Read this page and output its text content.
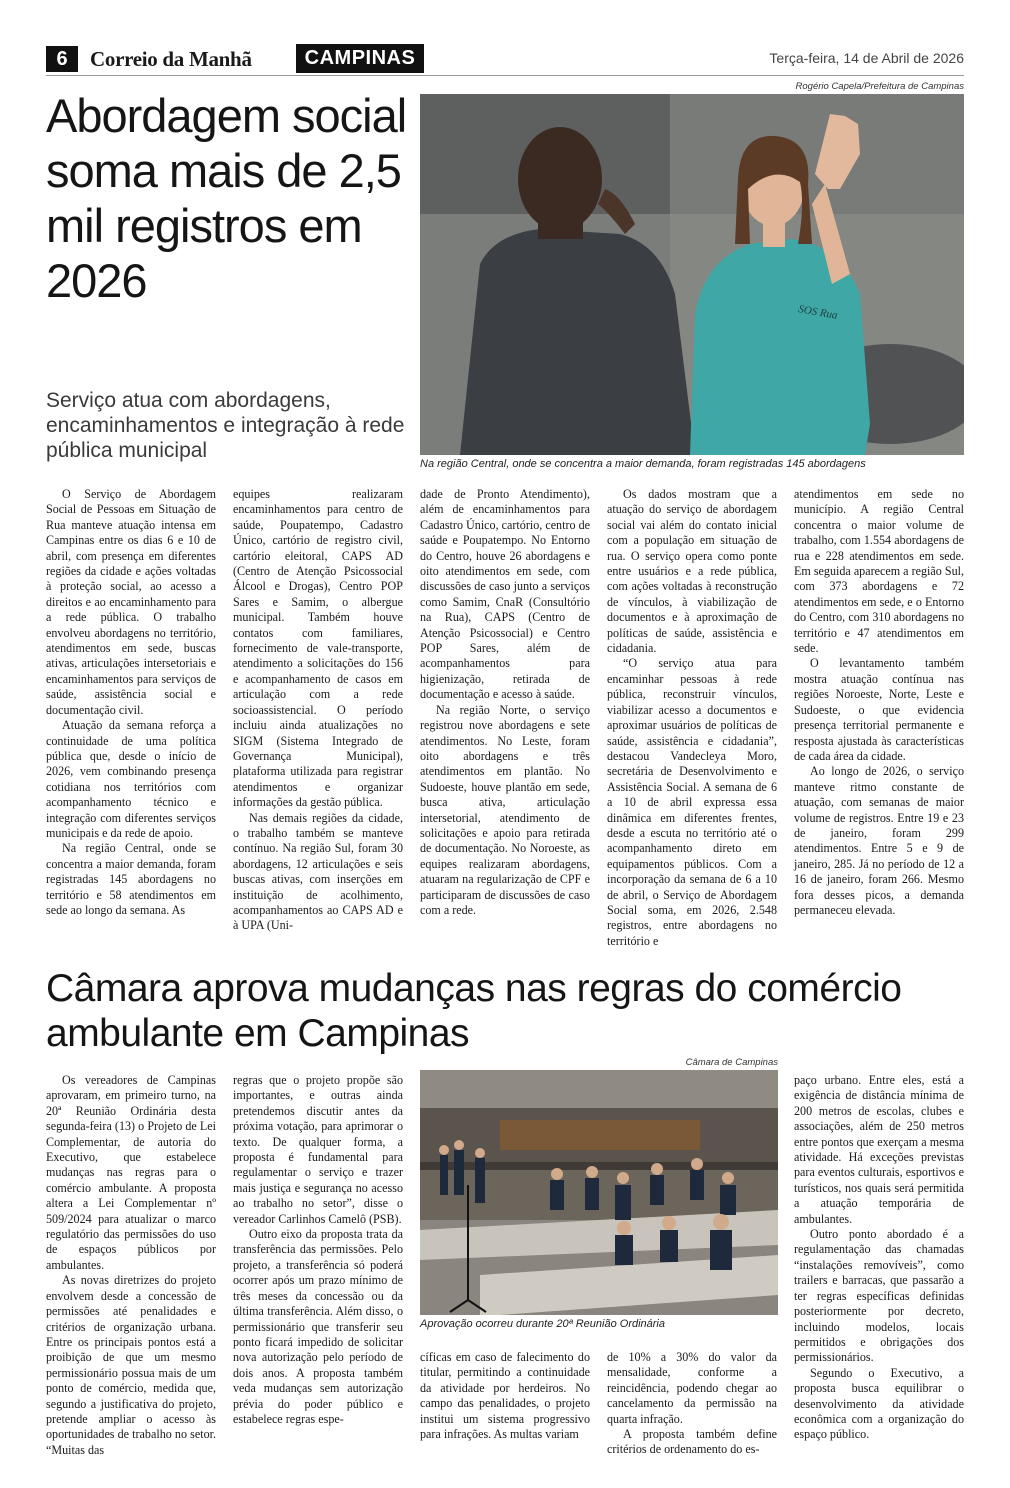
6	Correio da Manhã	CAMPINAS	Terça-feira, 14 de Abril de 2026
Abordagem social soma mais de 2,5 mil registros em 2026
Serviço atua com abordagens, encaminhamentos e integração à rede pública municipal
Rogério Capela/Prefeitura de Campinas
SOS Rua
Na região Central, onde se concentra a maior demanda, foram registradas 145 abordagens

O Serviço de Abordagem Social de Pessoas em Situação de Rua manteve atuação intensa em Campinas entre os dias 6 e 10 de abril, com presença em diferentes regiões da cidade e ações voltadas à proteção social, ao acesso a direitos e ao encaminhamento para a rede pública. O trabalho envolveu abordagens no território, atendimentos em sede, buscas ativas, articulações intersetoriais e encaminhamentos para serviços de saúde, assistência social e documentação civil.

Atuação da semana reforça a continuidade de uma política pública que, desde o início de 2026, vem combinando presença cotidiana nos territórios com acompanhamento técnico e integração com diferentes serviços municipais e da rede de apoio.

Na região Central, onde se concentra a maior demanda, foram registradas 145 abordagens no território e 58 atendimentos em sede ao longo da semana. As

equipes realizaram encaminhamentos para centro de saúde, Poupatempo, Cadastro Único, cartório de registro civil, cartório eleitoral, CAPS AD (Centro de Atenção Psicossocial Álcool e Drogas), Centro POP Sares e Samim, o albergue municipal. Também houve contatos com familiares, fornecimento de vale-transporte, atendimento a solicitações do 156 e acompanhamento de casos em articulação com a rede socioassistencial. O período incluiu ainda atualizações no SIGM (Sistema Integrado de Governança Municipal), plataforma utilizada para registrar atendimentos e organizar informações da gestão pública.

Nas demais regiões da cidade, o trabalho também se manteve contínuo. Na região Sul, foram 30 abordagens, 12 articulações e seis buscas ativas, com inserções em instituição de acolhimento, acompanhamentos ao CAPS AD e à UPA (Uni-

dade de Pronto Atendimento), além de encaminhamentos para Cadastro Único, cartório, centro de saúde e Poupatempo. No Entorno do Centro, houve 26 abordagens e oito atendimentos em sede, com discussões de caso junto a serviços como Samim, CnaR (Consultório na Rua), CAPS (Centro de Atenção Psicossocial) e Centro POP Sares, além de acompanhamentos para higienização, retirada de documentação e acesso à saúde.

Na região Norte, o serviço registrou nove abordagens e sete atendimentos. No Leste, foram oito abordagens e três atendimentos em plantão. No Sudoeste, houve plantão em sede, busca ativa, articulação intersetorial, atendimento de solicitações e apoio para retirada de documentação. No Noroeste, as equipes realizaram abordagens, atuaram na regularização de CPF e participaram de discussões de caso com a rede.

Os dados mostram que a atuação do serviço de abordagem social vai além do contato inicial com a população em situação de rua. O serviço opera como ponte entre usuários e a rede pública, com ações voltadas à reconstrução de vínculos, à viabilização de documentos e à aproximação de políticas de saúde, assistência e cidadania.

“O serviço atua para encaminhar pessoas à rede pública, reconstruir vínculos, viabilizar acesso a documentos e aproximar usuários de políticas de saúde, assistência e cidadania”, destacou Vandecleya Moro, secretária de Desenvolvimento e Assistência Social. A semana de 6 a 10 de abril expressa essa dinâmica em diferentes frentes, desde a escuta no território até o acompanhamento direto em equipamentos públicos. Com a incorporação da semana de 6 a 10 de abril, o Serviço de Abordagem Social soma, em 2026, 2.548 registros, entre abordagens no território e

atendimentos em sede no município. A região Central concentra o maior volume de trabalho, com 1.554 abordagens de rua e 228 atendimentos em sede. Em seguida aparecem a região Sul, com 373 abordagens e 72 atendimentos em sede, e o Entorno do Centro, com 310 abordagens no território e 47 atendimentos em sede.

O levantamento também mostra atuação contínua nas regiões Noroeste, Norte, Leste e Sudoeste, o que evidencia presença territorial permanente e resposta ajustada às características de cada área da cidade.

Ao longo de 2026, o serviço manteve ritmo constante de atuação, com semanas de maior volume de registros. Entre 19 e 23 de janeiro, foram 299 atendimentos. Entre 5 e 9 de janeiro, 285. Já no período de 12 a 16 de janeiro, foram 266. Mesmo fora desses picos, a demanda permaneceu elevada.

Câmara aprova mudanças nas regras do comércio ambulante em Campinas
Câmara de Campinas
Aprovação ocorreu durante 20ª Reunião Ordinária

Os vereadores de Campinas aprovaram, em primeiro turno, na 20ª Reunião Ordinária desta segunda-feira (13) o Projeto de Lei Complementar, de autoria do Executivo, que estabelece mudanças nas regras para o comércio ambulante. A proposta altera a Lei Complementar nº 509/2024 para atualizar o marco regulatório das permissões do uso de espaços públicos por ambulantes.

As novas diretrizes do projeto envolvem desde a concessão de permissões até penalidades e critérios de organização urbana. Entre os principais pontos está a proibição de que um mesmo permissionário possua mais de um ponto de comércio, medida que, segundo a justificativa do projeto, pretende ampliar o acesso às oportunidades de trabalho no setor. “Muitas das

regras que o projeto propõe são importantes, e outras ainda pretendemos discutir antes da próxima votação, para aprimorar o texto. De qualquer forma, a proposta é fundamental para regulamentar o serviço e trazer mais justiça e segurança no acesso ao trabalho no setor”, disse o vereador Carlinhos Camelô (PSB).

Outro eixo da proposta trata da transferência das permissões. Pelo projeto, a transferência só poderá ocorrer após um prazo mínimo de três meses da concessão ou da última transferência. Além disso, o permissionário que transferir seu ponto ficará impedido de solicitar nova autorização pelo período de dois anos. A proposta também veda mudanças sem autorização prévia do poder público e estabelece regras espe-

cíficas em caso de falecimento do titular, permitindo a continuidade da atividade por herdeiros. No campo das penalidades, o projeto institui um sistema progressivo para infrações. As multas variam

de 10% a 30% do valor da mensalidade, conforme a reincidência, podendo chegar ao cancelamento da permissão na quarta infração.

A proposta também define critérios de ordenamento do es-

paço urbano. Entre eles, está a exigência de distância mínima de 200 metros de escolas, clubes e associações, além de 250 metros entre pontos que exerçam a mesma atividade. Há exceções previstas para eventos culturais, esportivos e turísticos, nos quais será permitida a atuação temporária de ambulantes.

Outro ponto abordado é a regulamentação das chamadas “instalações removíveis”, como trailers e barracas, que passarão a ter regras específicas definidas posteriormente por decreto, incluindo modelos, locais permitidos e obrigações dos permissionários.

Segundo o Executivo, a proposta busca equilibrar o desenvolvimento da atividade econômica com a organização do espaço público.
